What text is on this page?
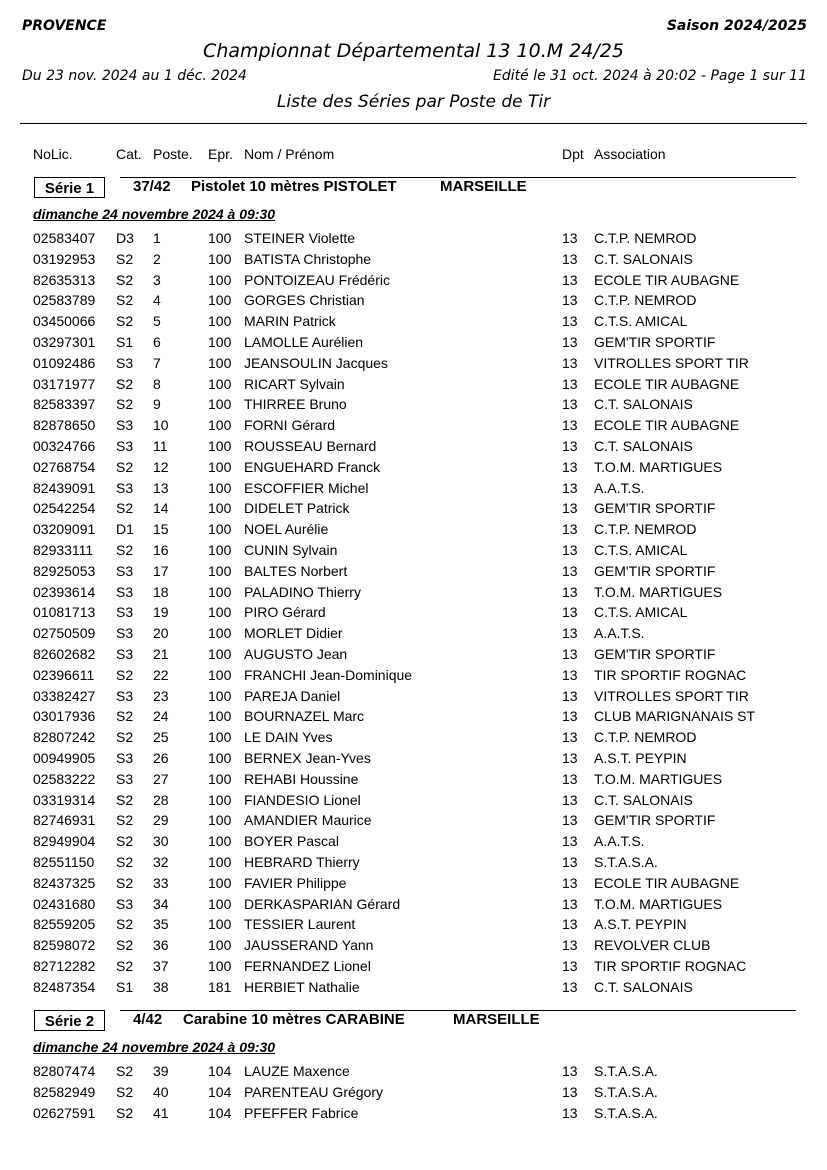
PROVENCE	Saison 2024/2025
Championnat Départemental 13 10.M 24/25
Du 23 nov. 2024 au 1 déc. 2024	Edité le 31 oct. 2024 à 20:02 - Page 1 sur 11
Liste des Séries par Poste de Tir
NoLic.	Cat. Poste. Epr. Nom / Prénom	Dpt Association
Série 1	37/42 Pistolet 10 mètres PISTOLET	MARSEILLE
dimanche 24 novembre 2024 à 09:30
02583407 D3 1	100 STEINER Violette	13 C.T.P. NEMROD
03192953 S2 2	100 BATISTA Christophe	13 C.T. SALONAIS
82635313 S2 3	100 PONTOIZEAU Frédéric	13 ECOLE TIR AUBAGNE
02583789 S2 4	100 GORGES Christian	13 C.T.P. NEMROD
03450066 S2 5	100 MARIN Patrick	13 C.T.S. AMICAL
03297301 S1 6	100 LAMOLLE Aurélien	13 GEM'TIR SPORTIF
01092486 S3 7	100 JEANSOULIN Jacques	13 VITROLLES SPORT TIR
03171977 S2 8	100 RICART Sylvain	13 ECOLE TIR AUBAGNE
82583397 S2 9	100 THIRREE Bruno	13 C.T. SALONAIS
82878650 S3 10	100 FORNI Gérard	13 ECOLE TIR AUBAGNE
00324766 S3 11	100 ROUSSEAU Bernard	13 C.T. SALONAIS
02768754 S2 12	100 ENGUEHARD Franck	13 T.O.M. MARTIGUES
82439091 S3 13	100 ESCOFFIER Michel	13 A.A.T.S.
02542254 S2 14	100 DIDELET Patrick	13 GEM'TIR SPORTIF
03209091 D1 15	100 NOEL Aurélie	13 C.T.P. NEMROD
82933111 S2 16	100 CUNIN Sylvain	13 C.T.S. AMICAL
82925053 S3 17	100 BALTES Norbert	13 GEM'TIR SPORTIF
02393614 S3 18	100 PALADINO Thierry	13 T.O.M. MARTIGUES
01081713 S3 19	100 PIRO Gérard	13 C.T.S. AMICAL
02750509 S3 20	100 MORLET Didier	13 A.A.T.S.
82602682 S3 21	100 AUGUSTO Jean	13 GEM'TIR SPORTIF
02396611 S2 22	100 FRANCHI Jean-Dominique	13 TIR SPORTIF ROGNAC
03382427 S3 23	100 PAREJA Daniel	13 VITROLLES SPORT TIR
03017936 S2 24	100 BOURNAZEL Marc	13 CLUB MARIGNANAIS ST
82807242 S2 25	100 LE DAIN Yves	13 C.T.P. NEMROD
00949905 S3 26	100 BERNEX Jean-Yves	13 A.S.T. PEYPIN
02583222 S3 27	100 REHABI Houssine	13 T.O.M. MARTIGUES
03319314 S2 28	100 FIANDESIO Lionel	13 C.T. SALONAIS
82746931 S2 29	100 AMANDIER Maurice	13 GEM'TIR SPORTIF
82949904 S2 30	100 BOYER Pascal	13 A.A.T.S.
82551150 S2 32	100 HEBRARD Thierry	13 S.T.A.S.A.
82437325 S2 33	100 FAVIER Philippe	13 ECOLE TIR AUBAGNE
02431680 S3 34	100 DERKASPARIAN Gérard	13 T.O.M. MARTIGUES
82559205 S2 35	100 TESSIER Laurent	13 A.S.T. PEYPIN
82598072 S2 36	100 JAUSSERAND Yann	13 REVOLVER CLUB
82712282 S2 37	100 FERNANDEZ Lionel	13 TIR SPORTIF ROGNAC
82487354 S1 38	181 HERBIET Nathalie	13 C.T. SALONAIS
Série 2	4/42 Carabine 10 mètres CARABINE	MARSEILLE
dimanche 24 novembre 2024 à 09:30
82807474 S2 39	104 LAUZE Maxence	13 S.T.A.S.A.
82582949 S2 40	104 PARENTEAU Grégory	13 S.T.A.S.A.
02627591 S2 41	104 PFEFFER Fabrice	13 S.T.A.S.A.
